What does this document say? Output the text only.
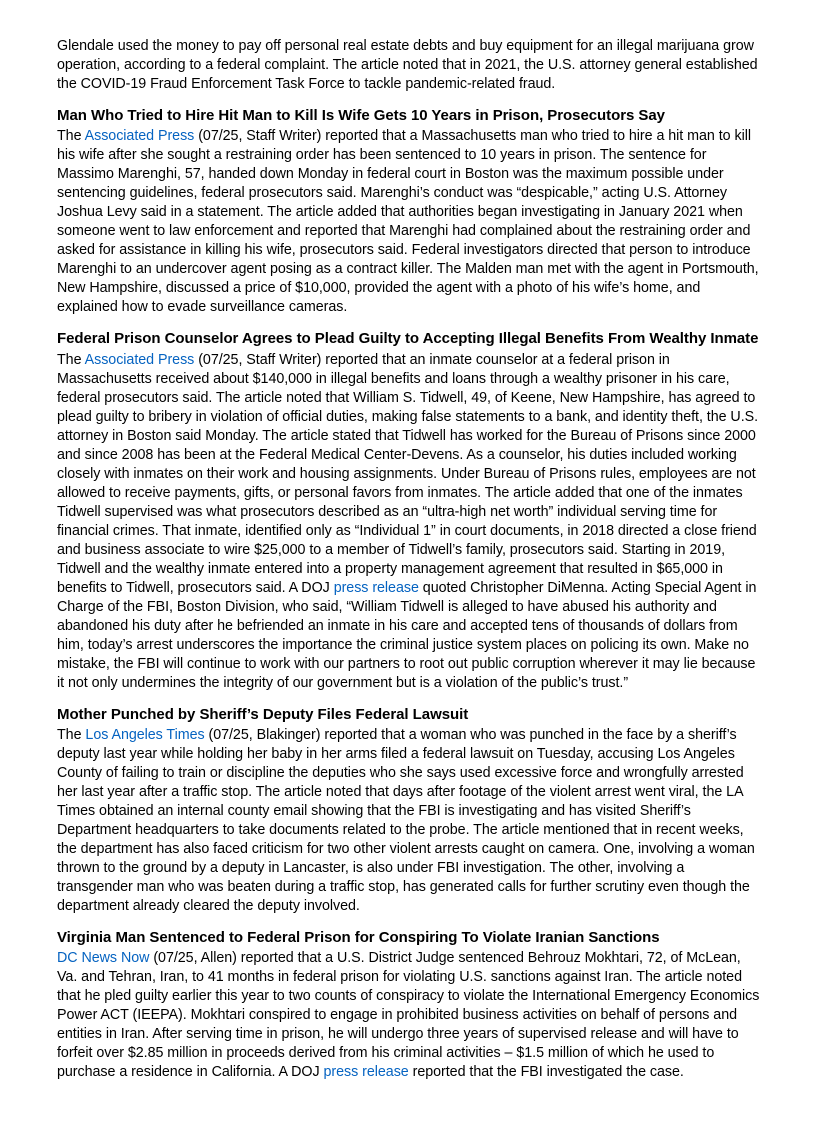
Glendale used the money to pay off personal real estate debts and buy equipment for an illegal marijuana grow operation, according to a federal complaint. The article noted that in 2021, the U.S. attorney general established the COVID-19 Fraud Enforcement Task Force to tackle pandemic-related fraud.

Man Who Tried to Hire Hit Man to Kill Is Wife Gets 10 Years in Prison, Prosecutors Say

The Associated Press (07/25, Staff Writer) reported that a Massachusetts man who tried to hire a hit man to kill his wife after she sought a restraining order has been sentenced to 10 years in prison. The sentence for Massimo Marenghi, 57, handed down Monday in federal court in Boston was the maximum possible under sentencing guidelines, federal prosecutors said. Marenghi’s conduct was “despicable,” acting U.S. Attorney Joshua Levy said in a statement. The article added that authorities began investigating in January 2021 when someone went to law enforcement and reported that Marenghi had complained about the restraining order and asked for assistance in killing his wife, prosecutors said. Federal investigators directed that person to introduce Marenghi to an undercover agent posing as a contract killer. The Malden man met with the agent in Portsmouth, New Hampshire, discussed a price of $10,000, provided the agent with a photo of his wife’s home, and explained how to evade surveillance cameras.

Federal Prison Counselor Agrees to Plead Guilty to Accepting Illegal Benefits From Wealthy Inmate

The Associated Press (07/25, Staff Writer) reported that an inmate counselor at a federal prison in Massachusetts received about $140,000 in illegal benefits and loans through a wealthy prisoner in his care, federal prosecutors said. The article noted that William S. Tidwell, 49, of Keene, New Hampshire, has agreed to plead guilty to bribery in violation of official duties, making false statements to a bank, and identity theft, the U.S. attorney in Boston said Monday. The article stated that Tidwell has worked for the Bureau of Prisons since 2000 and since 2008 has been at the Federal Medical Center-Devens. As a counselor, his duties included working closely with inmates on their work and housing assignments. Under Bureau of Prisons rules, employees are not allowed to receive payments, gifts, or personal favors from inmates. The article added that one of the inmates Tidwell supervised was what prosecutors described as an “ultra-high net worth” individual serving time for financial crimes. That inmate, identified only as “Individual 1” in court documents, in 2018 directed a close friend and business associate to wire $25,000 to a member of Tidwell’s family, prosecutors said. Starting in 2019, Tidwell and the wealthy inmate entered into a property management agreement that resulted in $65,000 in benefits to Tidwell, prosecutors said. A DOJ press release quoted Christopher DiMenna. Acting Special Agent in Charge of the FBI, Boston Division, who said, “William Tidwell is alleged to have abused his authority and abandoned his duty after he befriended an inmate in his care and accepted tens of thousands of dollars from him, today’s arrest underscores the importance the criminal justice system places on policing its own. Make no mistake, the FBI will continue to work with our partners to root out public corruption wherever it may lie because it not only undermines the integrity of our government but is a violation of the public’s trust.”

Mother Punched by Sheriff’s Deputy Files Federal Lawsuit

The Los Angeles Times (07/25, Blakinger) reported that a woman who was punched in the face by a sheriff’s deputy last year while holding her baby in her arms filed a federal lawsuit on Tuesday, accusing Los Angeles County of failing to train or discipline the deputies who she says used excessive force and wrongfully arrested her last year after a traffic stop. The article noted that days after footage of the violent arrest went viral, the LA Times obtained an internal county email showing that the FBI is investigating and has visited Sheriff’s Department headquarters to take documents related to the probe. The article mentioned that in recent weeks, the department has also faced criticism for two other violent arrests caught on camera. One, involving a woman thrown to the ground by a deputy in Lancaster, is also under FBI investigation. The other, involving a transgender man who was beaten during a traffic stop, has generated calls for further scrutiny even though the department already cleared the deputy involved.

Virginia Man Sentenced to Federal Prison for Conspiring To Violate Iranian Sanctions

DC News Now (07/25, Allen) reported that a U.S. District Judge sentenced Behrouz Mokhtari, 72, of McLean, Va. and Tehran, Iran, to 41 months in federal prison for violating U.S. sanctions against Iran. The article noted that he pled guilty earlier this year to two counts of conspiracy to violate the International Emergency Economics Power ACT (IEEPA). Mokhtari conspired to engage in prohibited business activities on behalf of persons and entities in Iran. After serving time in prison, he will undergo three years of supervised release and will have to forfeit over $2.85 million in proceeds derived from his criminal activities – $1.5 million of which he used to purchase a residence in California. A DOJ press release reported that the FBI investigated the case.
